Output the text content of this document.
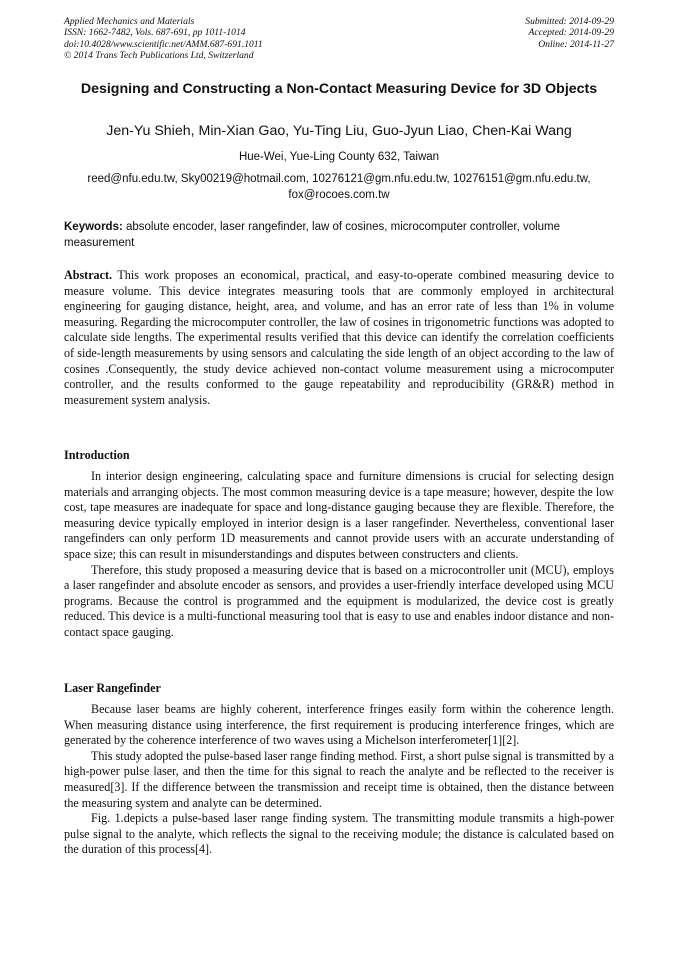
Applied Mechanics and Materials
ISSN: 1662-7482, Vols. 687-691, pp 1011-1014
doi:10.4028/www.scientific.net/AMM.687-691.1011
© 2014 Trans Tech Publications Ltd, Switzerland
Submitted: 2014-09-29
Accepted: 2014-09-29
Online: 2014-11-27
Designing and Constructing a Non-Contact Measuring Device for 3D Objects
Jen-Yu Shieh, Min-Xian Gao, Yu-Ting Liu, Guo-Jyun Liao, Chen-Kai Wang
Hue-Wei, Yue-Ling County 632, Taiwan
reed@nfu.edu.tw, Sky00219@hotmail.com, 10276121@gm.nfu.edu.tw, 10276151@gm.nfu.edu.tw, fox@rocoes.com.tw
Keywords: absolute encoder, laser rangefinder, law of cosines, microcomputer controller, volume measurement

Abstract. This work proposes an economical, practical, and easy-to-operate combined measuring device to measure volume. This device integrates measuring tools that are commonly employed in architectural engineering for gauging distance, height, area, and volume, and has an error rate of less than 1% in volume measuring. Regarding the microcomputer controller, the law of cosines in trigonometric functions was adopted to calculate side lengths. The experimental results verified that this device can identify the correlation coefficients of side-length measurements by using sensors and calculating the side length of an object according to the law of cosines .Consequently, the study device achieved non-contact volume measurement using a microcomputer controller, and the results conformed to the gauge repeatability and reproducibility (GR&R) method in measurement system analysis.

Introduction

In interior design engineering, calculating space and furniture dimensions is crucial for selecting design materials and arranging objects. The most common measuring device is a tape measure; however, despite the low cost, tape measures are inadequate for space and long-distance gauging because they are flexible. Therefore, the measuring device typically employed in interior design is a laser rangefinder. Nevertheless, conventional laser rangefinders can only perform 1D measurements and cannot provide users with an accurate understanding of space size; this can result in misunderstandings and disputes between constructers and clients.

Therefore, this study proposed a measuring device that is based on a microcontroller unit (MCU), employs a laser rangefinder and absolute encoder as sensors, and provides a user-friendly interface developed using MCU programs. Because the control is programmed and the equipment is modularized, the device cost is greatly reduced. This device is a multi-functional measuring tool that is easy to use and enables indoor distance and non-contact space gauging.

Laser Rangefinder

Because laser beams are highly coherent, interference fringes easily form within the coherence length. When measuring distance using interference, the first requirement is producing interference fringes, which are generated by the coherence interference of two waves using a Michelson interferometer[1][2].

This study adopted the pulse-based laser range finding method. First, a short pulse signal is transmitted by a high-power pulse laser, and then the time for this signal to reach the analyte and be reflected to the receiver is measured[3]. If the difference between the transmission and receipt time is obtained, then the distance between the measuring system and analyte can be determined.

Fig. 1.depicts a pulse-based laser range finding system. The transmitting module transmits a high-power pulse signal to the analyte, which reflects the signal to the receiving module; the distance is calculated based on the duration of this process[4].
